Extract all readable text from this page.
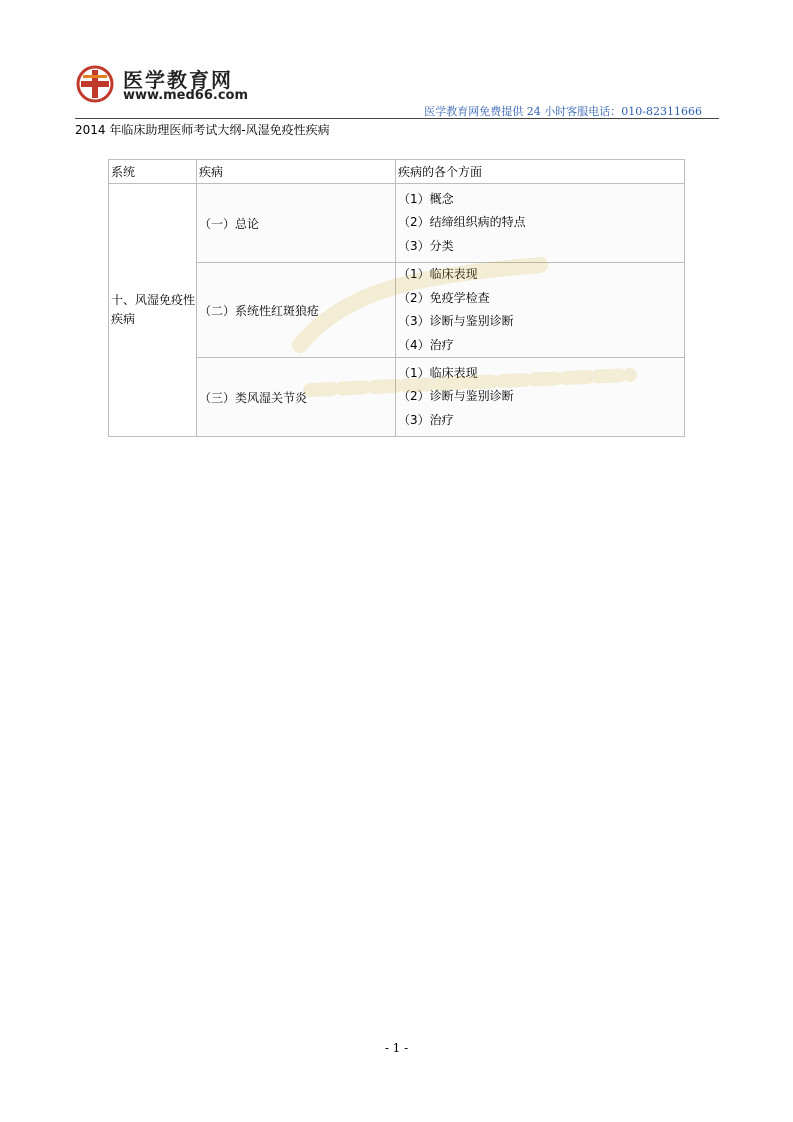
医学教育网
www.med66.com
医学教育网免费提供 24 小时客服电话：010-82311666
2014 年临床助理医师考试大纲-风湿免疫性疾病
系统	疾病	疾病的各个方面
十、风湿免疫性疾病	（一）总论	（1）概念
（2）结缔组织病的特点
（3）分类

	（二）系统性红斑狼疮	（1）临床表现
（2）免疫学检查
（3）诊断与鉴别诊断
（4）治疗

	（三）类风湿关节炎	（1）临床表现
（2）诊断与鉴别诊断
（3）治疗
- 1 -
